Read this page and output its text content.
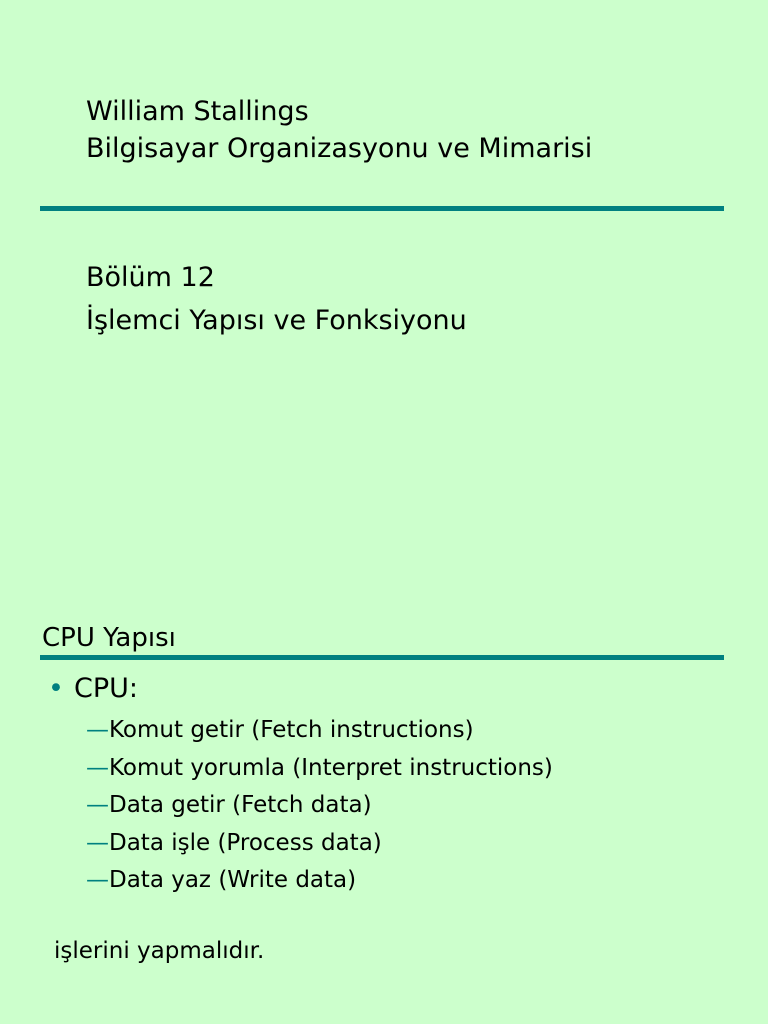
William Stallings
Bilgisayar Organizasyonu ve Mimarisi
Bölüm 12
İşlemci Yapısı ve Fonksiyonu
CPU Yapısı
• CPU:
—Komut getir (Fetch instructions)
—Komut yorumla (Interpret instructions)
—Data getir (Fetch data)
—Data işle (Process data)
—Data yaz (Write data)
işlerini yapmalıdır.
